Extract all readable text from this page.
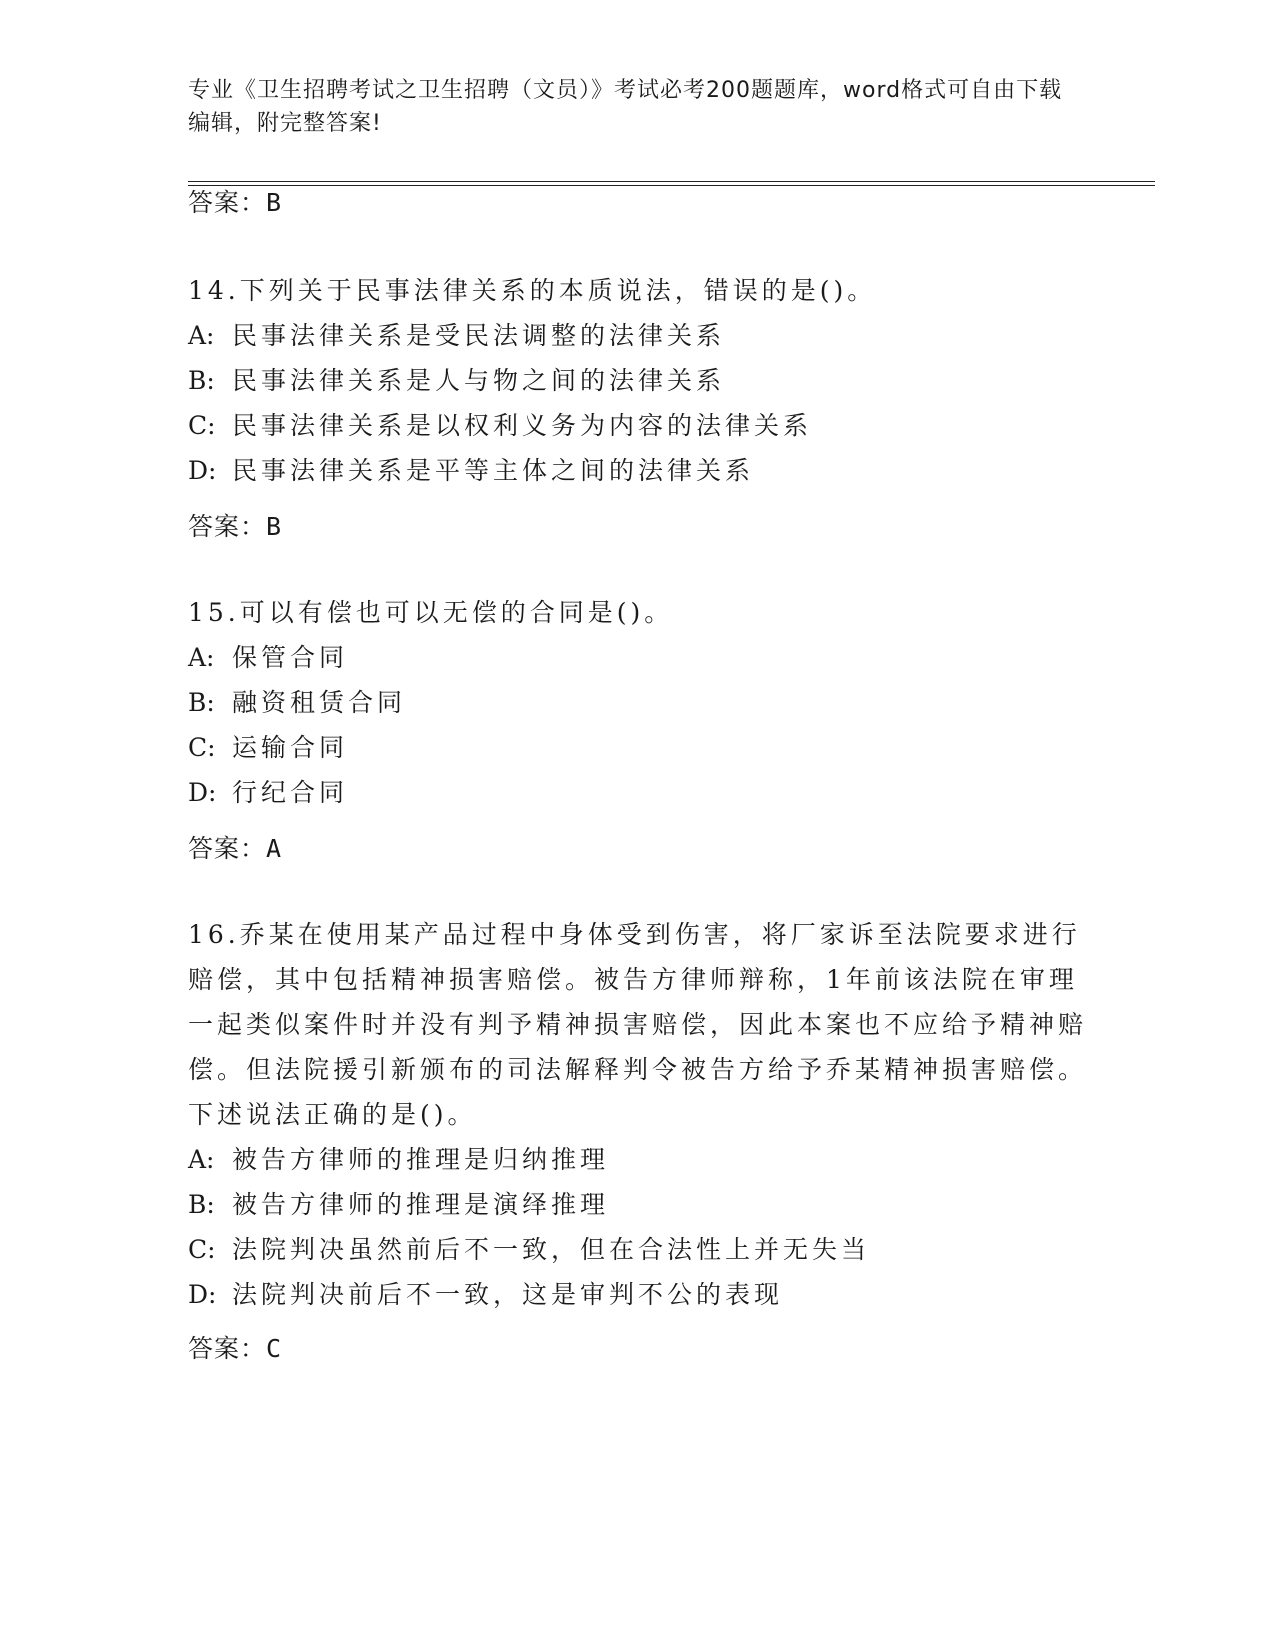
专业《卫生招聘考试之卫生招聘（文员）》考试必考200题题库，word格式可自由下载编辑，附完整答案!
答案：B

14.下列关于民事法律关系的本质说法，错误的是()。

A: 民事法律关系是受民法调整的法律关系

B: 民事法律关系是人与物之间的法律关系

C: 民事法律关系是以权利义务为内容的法律关系

D: 民事法律关系是平等主体之间的法律关系

答案：B

15.可以有偿也可以无偿的合同是()。

A: 保管合同

B: 融资租赁合同

C: 运输合同

D: 行纪合同

答案：A

16.乔某在使用某产品过程中身体受到伤害，将厂家诉至法院要求进行赔偿，其中包括精神损害赔偿。被告方律师辩称，1年前该法院在审理一起类似案件时并没有判予精神损害赔偿，因此本案也不应给予精神赔偿。但法院援引新颁布的司法解释判令被告方给予乔某精神损害赔偿。下述说法正确的是()。

A: 被告方律师的推理是归纳推理

B: 被告方律师的推理是演绎推理

C: 法院判决虽然前后不一致，但在合法性上并无失当

D: 法院判决前后不一致，这是审判不公的表现

答案：C
